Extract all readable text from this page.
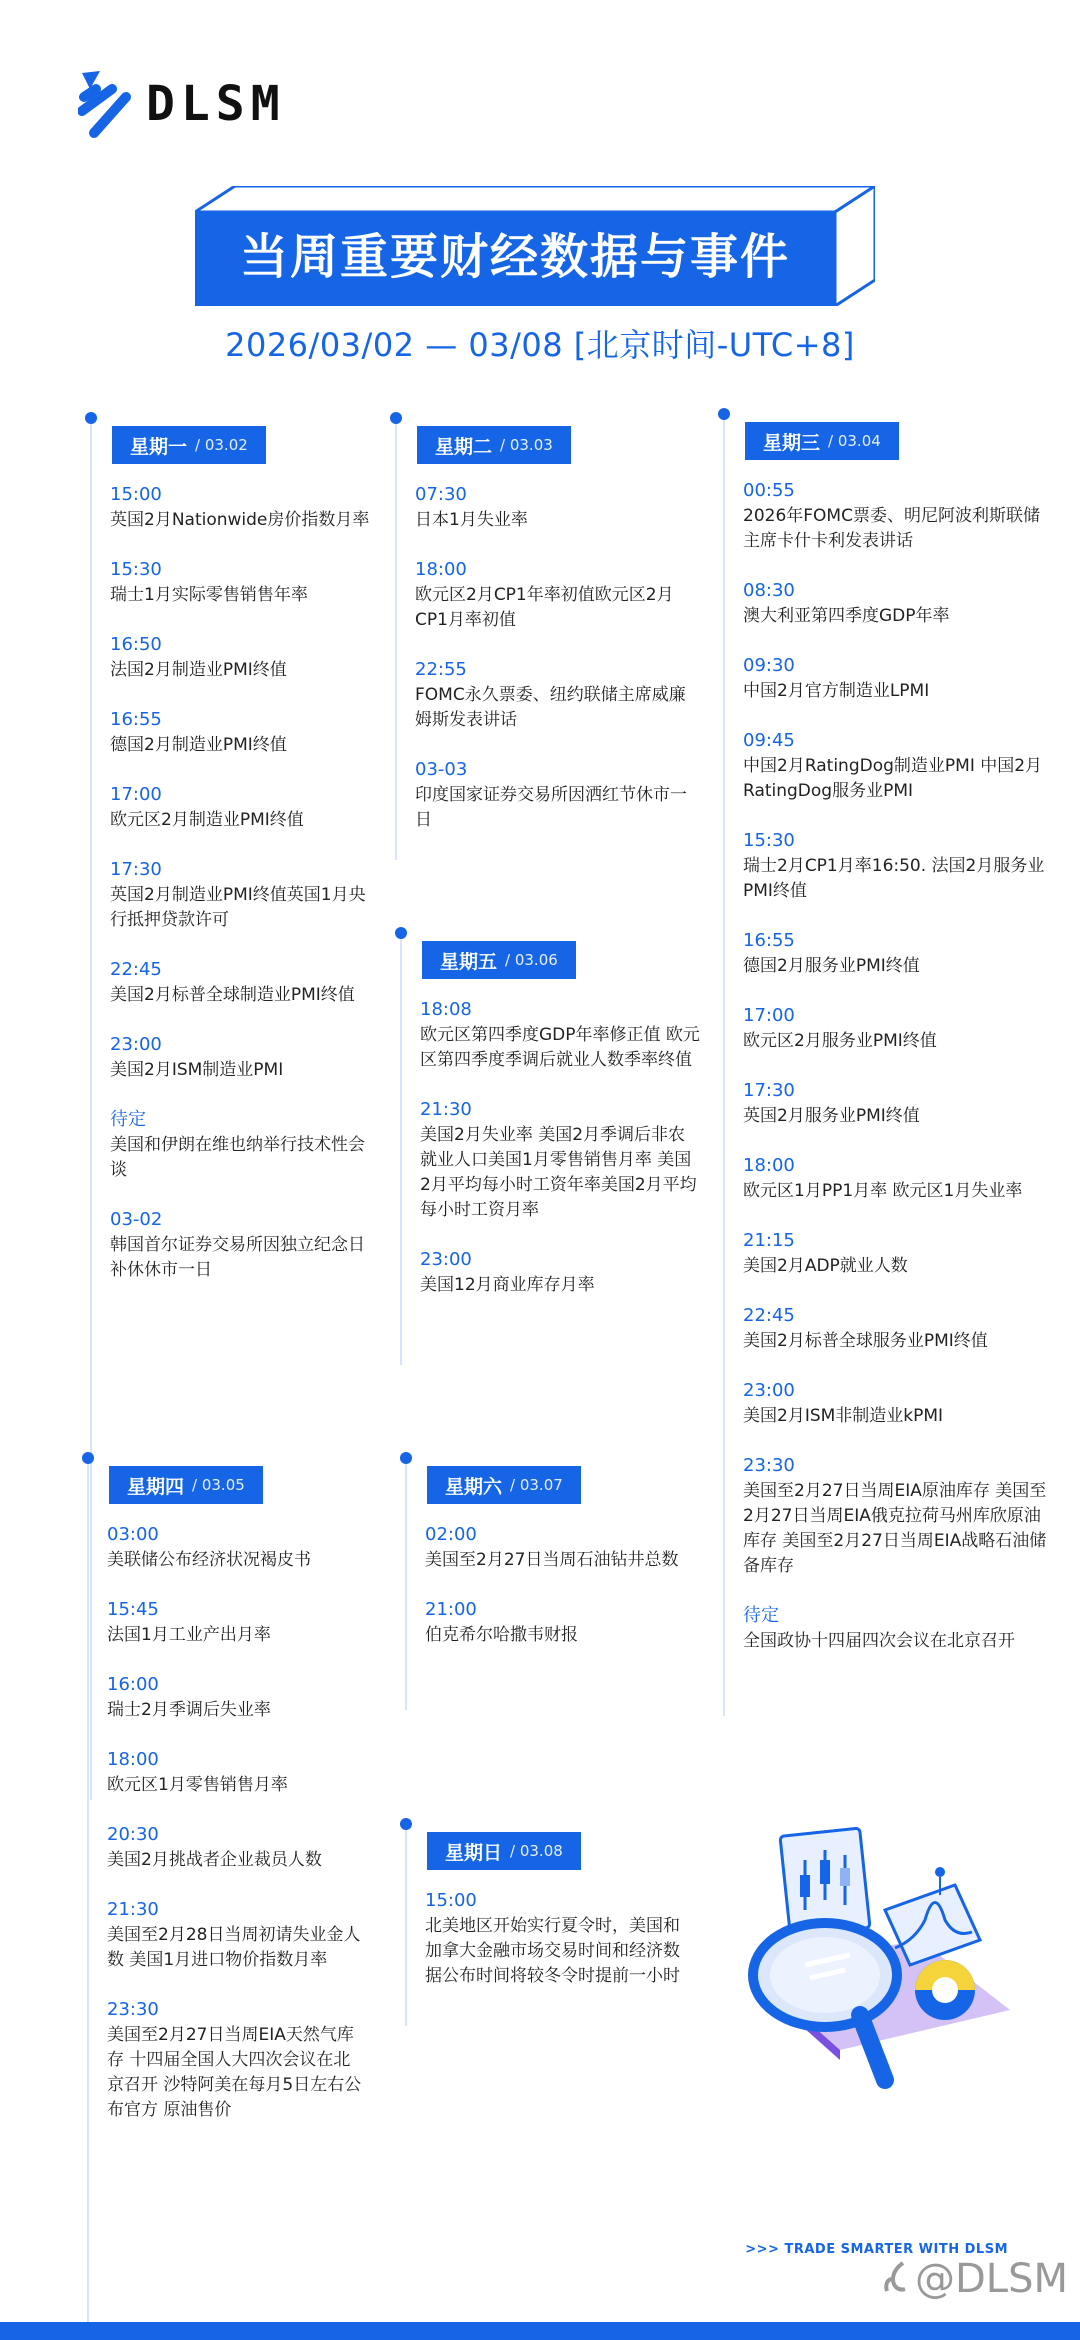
DLSM
当周重要财经数据与事件
2026/03/02 — 03/08 [北京时间-UTC+8]
星期一 / 03.02
15:00
英国2月Nationwide房价指数月率
15:30
瑞士1月实际零售销售年率
16:50
法国2月制造业PMI终值
16:55
德国2月制造业PMI终值
17:00
欧元区2月制造业PMI终值
17:30
英国2月制造业PMI终值英国1月央行抵押贷款许可
22:45
美国2月标普全球制造业PMI终值
23:00
美国2月ISM制造业PMI
待定
美国和伊朗在维也纳举行技术性会谈
03-02
韩国首尔证券交易所因独立纪念日 补休休市一日
星期二 / 03.03
07:30
日本1月失业率
18:00
欧元区2月CP1年率初值欧元区2月CP1月率初值
22:55
FOMC永久票委、纽约联储主席威廉姆斯发表讲话
03-03
印度国家证券交易所因洒红节休市一日
星期三 / 03.04
00:55
2026年FOMC票委、明尼阿波利斯联储主席卡什卡利发表讲话
08:30
澳大利亚第四季度GDP年率
09:30
中国2月官方制造业LPMI
09:45
中国2月RatingDog制造业PMI 中国2月RatingDog服务业PMI
15:30
瑞士2月CP1月率16:50. 法国2月服务业PMI终值
16:55
德国2月服务业PMI终值
17:00
欧元区2月服务业PMI终值
17:30
英国2月服务业PMI终值
18:00
欧元区1月PP1月率 欧元区1月失业率
21:15
美国2月ADP就业人数
22:45
美国2月标普全球服务业PMI终值
23:00
美国2月ISM非制造业kPMI
23:30
美国至2月27日当周EIA原油库存 美国至2月27日当周EIA俄克拉荷马州库欣原油库存 美国至2月27日当周EIA战略石油储备库存
待定
全国政协十四届四次会议在北京召开
星期五 / 03.06
18:08
欧元区第四季度GDP年率修正值 欧元区第四季度季调后就业人数季率终值
21:30
美国2月失业率 美国2月季调后非农就业人口美国1月零售销售月率 美国2月平均每小时工资年率美国2月平均每小时工资月率
23:00
美国12月商业库存月率
星期四 / 03.05
03:00
美联储公布经济状况褐皮书
15:45
法国1月工业产出月率
16:00
瑞士2月季调后失业率
18:00
欧元区1月零售销售月率
20:30
美国2月挑战者企业裁员人数
21:30
美国至2月28日当周初请失业金人数 美国1月进口物价指数月率
23:30
美国至2月27日当周EIA天然气库存 十四届全国人大四次会议在北京召开 沙特阿美在每月5日左右公布官方 原油售价
星期六 / 03.07
02:00
美国至2月27日当周石油钻井总数
21:00
伯克希尔哈撒韦财报
星期日 / 03.08
15:00
北美地区开始实行夏令时，美国和加拿大金融市场交易时间和经济数据公布时间将较冬令时提前一小时
>>> TRADE SMARTER WITH DLSM
@DLSM
